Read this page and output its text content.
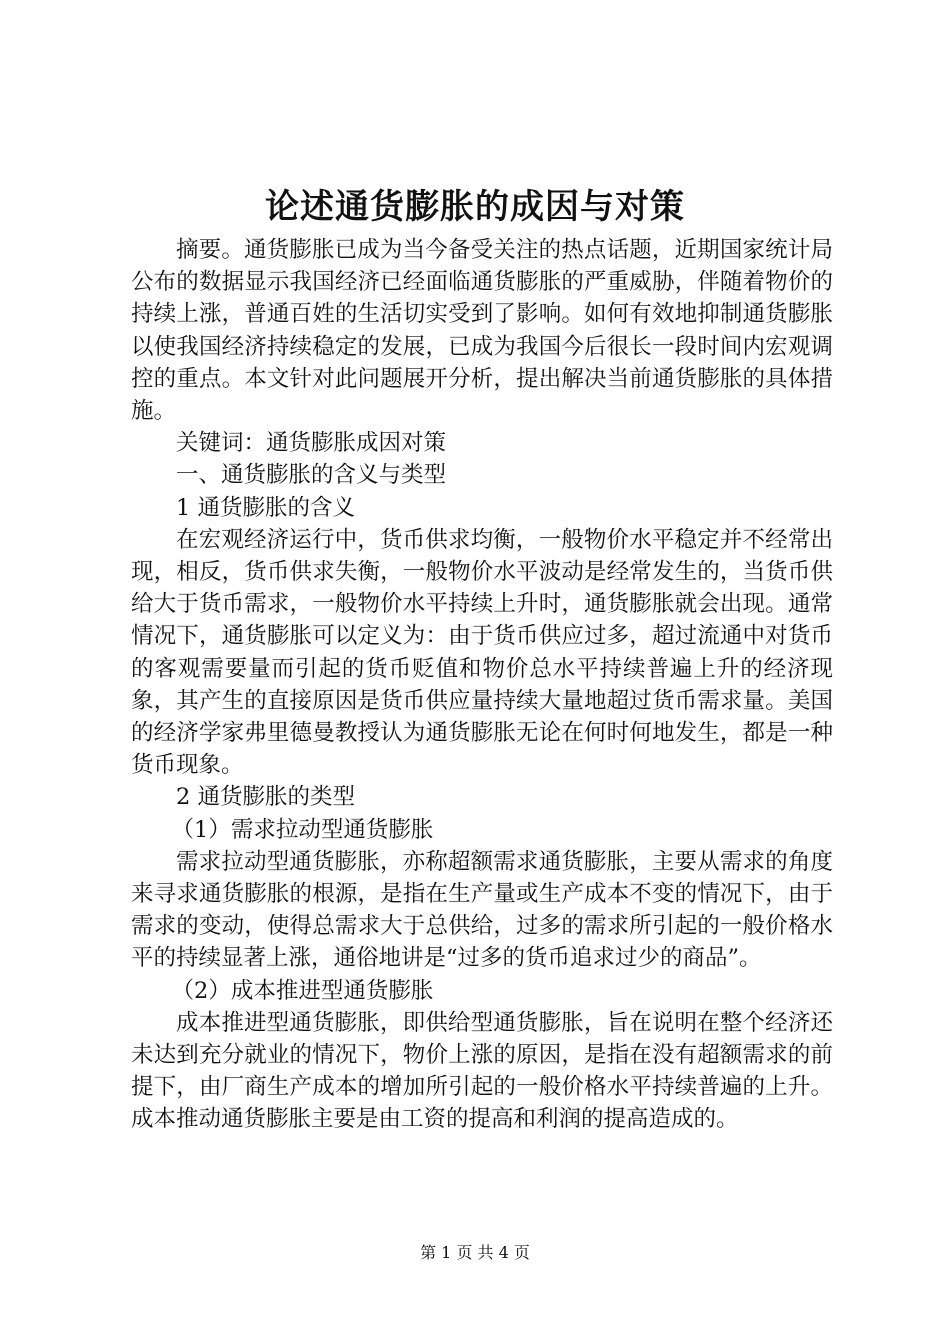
论述通货膨胀的成因与对策

摘要。通货膨胀已成为当今备受关注的热点话题，近期国家统计局公布的数据显示我国经济已经面临通货膨胀的严重威胁，伴随着物价的持续上涨，普通百姓的生活切实受到了影响。如何有效地抑制通货膨胀以使我国经济持续稳定的发展，已成为我国今后很长一段时间内宏观调控的重点。本文针对此问题展开分析，提出解决当前通货膨胀的具体措施。

关键词：通货膨胀成因对策

一、通货膨胀的含义与类型

1 通货膨胀的含义

在宏观经济运行中，货币供求均衡，一般物价水平稳定并不经常出现，相反，货币供求失衡，一般物价水平波动是经常发生的，当货币供给大于货币需求，一般物价水平持续上升时，通货膨胀就会出现。通常情况下，通货膨胀可以定义为：由于货币供应过多，超过流通中对货币的客观需要量而引起的货币贬值和物价总水平持续普遍上升的经济现象，其产生的直接原因是货币供应量持续大量地超过货币需求量。美国的经济学家弗里德曼教授认为通货膨胀无论在何时何地发生，都是一种货币现象。

2 通货膨胀的类型

（1）需求拉动型通货膨胀

需求拉动型通货膨胀，亦称超额需求通货膨胀，主要从需求的角度来寻求通货膨胀的根源，是指在生产量或生产成本不变的情况下，由于需求的变动，使得总需求大于总供给，过多的需求所引起的一般价格水平的持续显著上涨，通俗地讲是“过多的货币追求过少的商品”。

（2）成本推进型通货膨胀

成本推进型通货膨胀，即供给型通货膨胀，旨在说明在整个经济还未达到充分就业的情况下，物价上涨的原因，是指在没有超额需求的前提下，由厂商生产成本的增加所引起的一般价格水平持续普遍的上升。成本推动通货膨胀主要是由工资的提高和利润的提高造成的。

第 1 页 共 4 页
